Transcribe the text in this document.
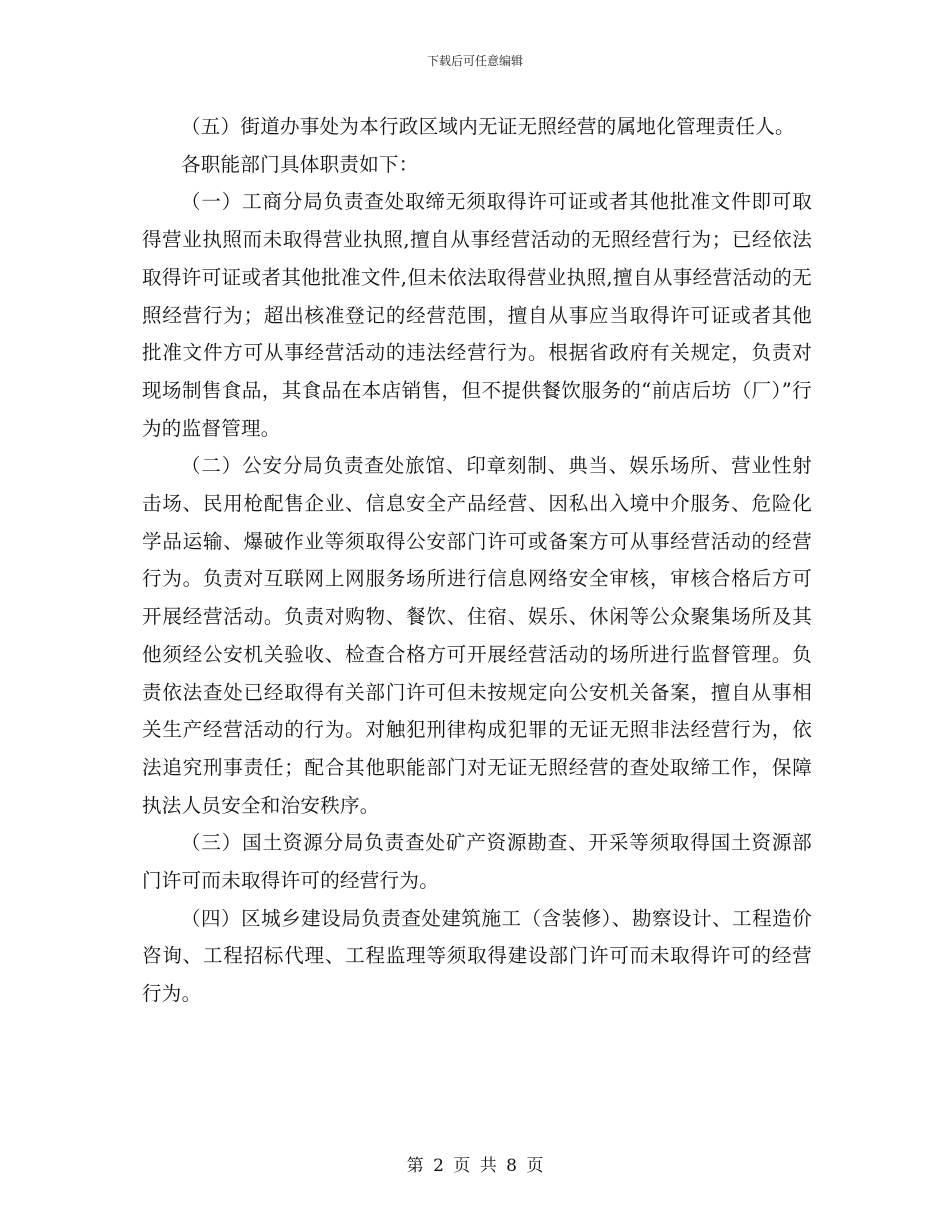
下载后可任意编辑

（五）街道办事处为本行政区域内无证无照经营的属地化管理责任人。

各职能部门具体职责如下：

（一）工商分局负责查处取缔无须取得许可证或者其他批准文件即可取得营业执照而未取得营业执照,擅自从事经营活动的无照经营行为；已经依法取得许可证或者其他批准文件,但未依法取得营业执照,擅自从事经营活动的无照经营行为；超出核准登记的经营范围，擅自从事应当取得许可证或者其他批准文件方可从事经营活动的违法经营行为。根据省政府有关规定，负责对现场制售食品，其食品在本店销售，但不提供餐饮服务的“前店后坊（厂）”行为的监督管理。

（二）公安分局负责查处旅馆、印章刻制、典当、娱乐场所、营业性射击场、民用枪配售企业、信息安全产品经营、因私出入境中介服务、危险化学品运输、爆破作业等须取得公安部门许可或备案方可从事经营活动的经营行为。负责对互联网上网服务场所进行信息网络安全审核，审核合格后方可开展经营活动。负责对购物、餐饮、住宿、娱乐、休闲等公众聚集场所及其他须经公安机关验收、检查合格方可开展经营活动的场所进行监督管理。负责依法查处已经取得有关部门许可但未按规定向公安机关备案，擅自从事相关生产经营活动的行为。对触犯刑律构成犯罪的无证无照非法经营行为，依法追究刑事责任；配合其他职能部门对无证无照经营的查处取缔工作，保障执法人员安全和治安秩序。

（三）国土资源分局负责查处矿产资源勘查、开采等须取得国土资源部门许可而未取得许可的经营行为。

（四）区城乡建设局负责查处建筑施工（含装修）、勘察设计、工程造价咨询、工程招标代理、工程监理等须取得建设部门许可而未取得许可的经营行为。

第 2 页 共 8 页
